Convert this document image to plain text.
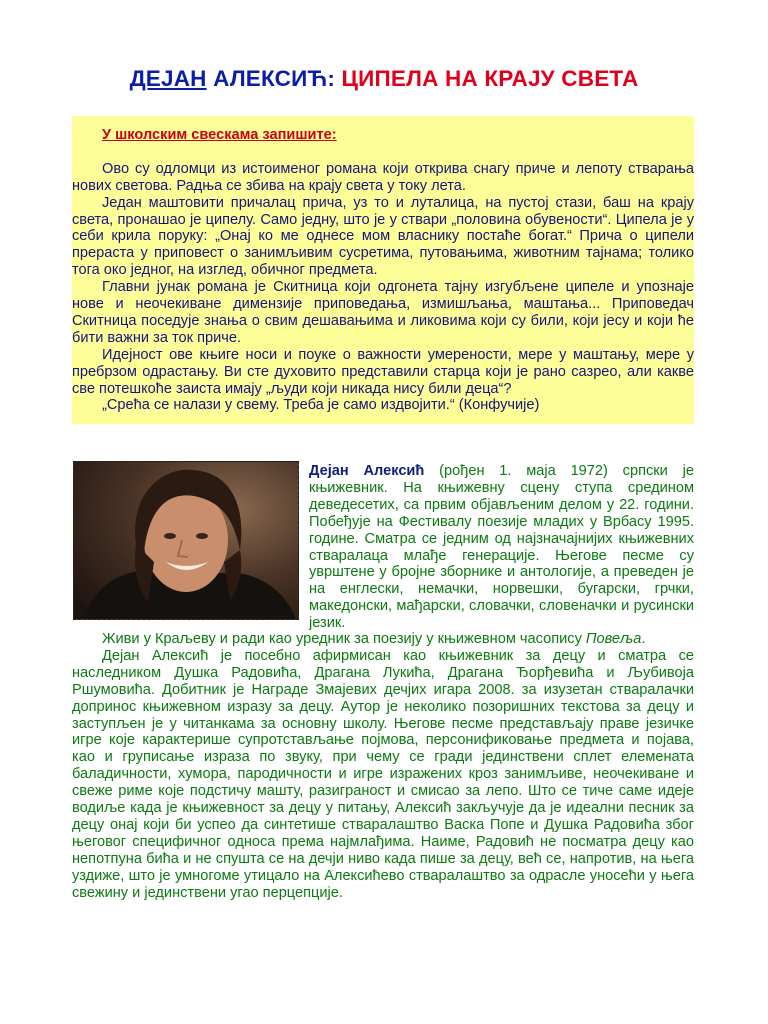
ДЕЈАН АЛЕКСИЋ: ЦИПЕЛА НА КРАЈУ СВЕТА

У школским свескама запишите:

Ово су одломци из истоименог романа који открива снагу приче и лепоту стварања нових светова. Радња се збива на крају света у току лета.

Један маштовити причалац прича, уз то и луталица, на пустој стази, баш на крају света, пронашао је ципелу. Само једну, што је у ствари „половина обувености“. Ципела је у себи крила поруку: „Онај ко ме однесе мом власнику постаће богат.“ Прича о ципели прераста у приповест о занимљивим сусретима, путовањима, животним тајнама; толико тога око једног, на изглед, обичног предмета.

Главни јунак романа је Скитница који одгонета тајну изгубљене ципеле и упознаје нове и неочекиване димензије приповедања, измишљања, маштања... Приповедач Скитница поседује знања о свим дешавањима и ликовима који су били, који јесу и који ће бити важни за ток приче.

Идејност ове књиге носи и поуке о важности умерености, мере у маштању, мере у пребрзом одрастању. Ви сте духовито представили старца који је рано сазрео, али какве све потешкоће заиста имају „људи који никада нису били деца“?

„Срећа се налази у свему. Треба је само издвојити.“ (Конфучије)

Дејан Алексић (рођен 1. маја 1972) српски је књижевник. На књижевну сцену ступа средином деведесетих, са првим објављеним делом у 22. години. Побеђује на Фестивалу поезије младих у Врбасу 1995. године. Сматра се једним од најзначајнијих књижевних стваралаца млађе генерације. Његове песме су уврштене у бројне зборнике и антологије, а преведен је на енглески, немачки, норвешки, бугарски, грчки, македонски, мађарски, словачки, словеначки и русински језик.

Живи у Краљеву и ради као уредник за поезију у књижевном часопису Повеља.

Дејан Алексић је посебно афирмисан као књижевник за децу и сматра се наследником Душка Радовића, Драгана Лукића, Драгана Ђорђевића и Љубивоја Ршумовића. Добитник је Награде Змајевих дечјих игара 2008. за изузетан стваралачки допринос књижевном изразу за децу. Аутор је неколико позоришних текстова за децу и заступљен је у читанкама за основну школу. Његове песме представљају праве језичке игре које карактерише супротстављање појмова, персонификовање предмета и појава, као и груписање израза по звуку, при чему се гради јединствени сплет елемената баладичности, хумора, пародичности и игре изражених кроз занимљиве, неочекиване и свеже риме које подстичу машту, разиграност и смисао за лепо. Што се тиче саме идеје водиље када је књижевност за децу у питању, Алексић закључује да је идеални песник за децу онај који би успео да синтетише стваралаштво Васка Попе и Душка Радовића због његовог специфичног односа према најмлађима. Наиме, Радовић не посматра децу као непотпуна бића и не спушта се на дечји ниво када пише за децу, већ се, напротив, на њега уздиже, што је умногоме утицало на Алексићево стваралаштво за одрасле уносећи у њега свежину и јединствени угао перцепције.
